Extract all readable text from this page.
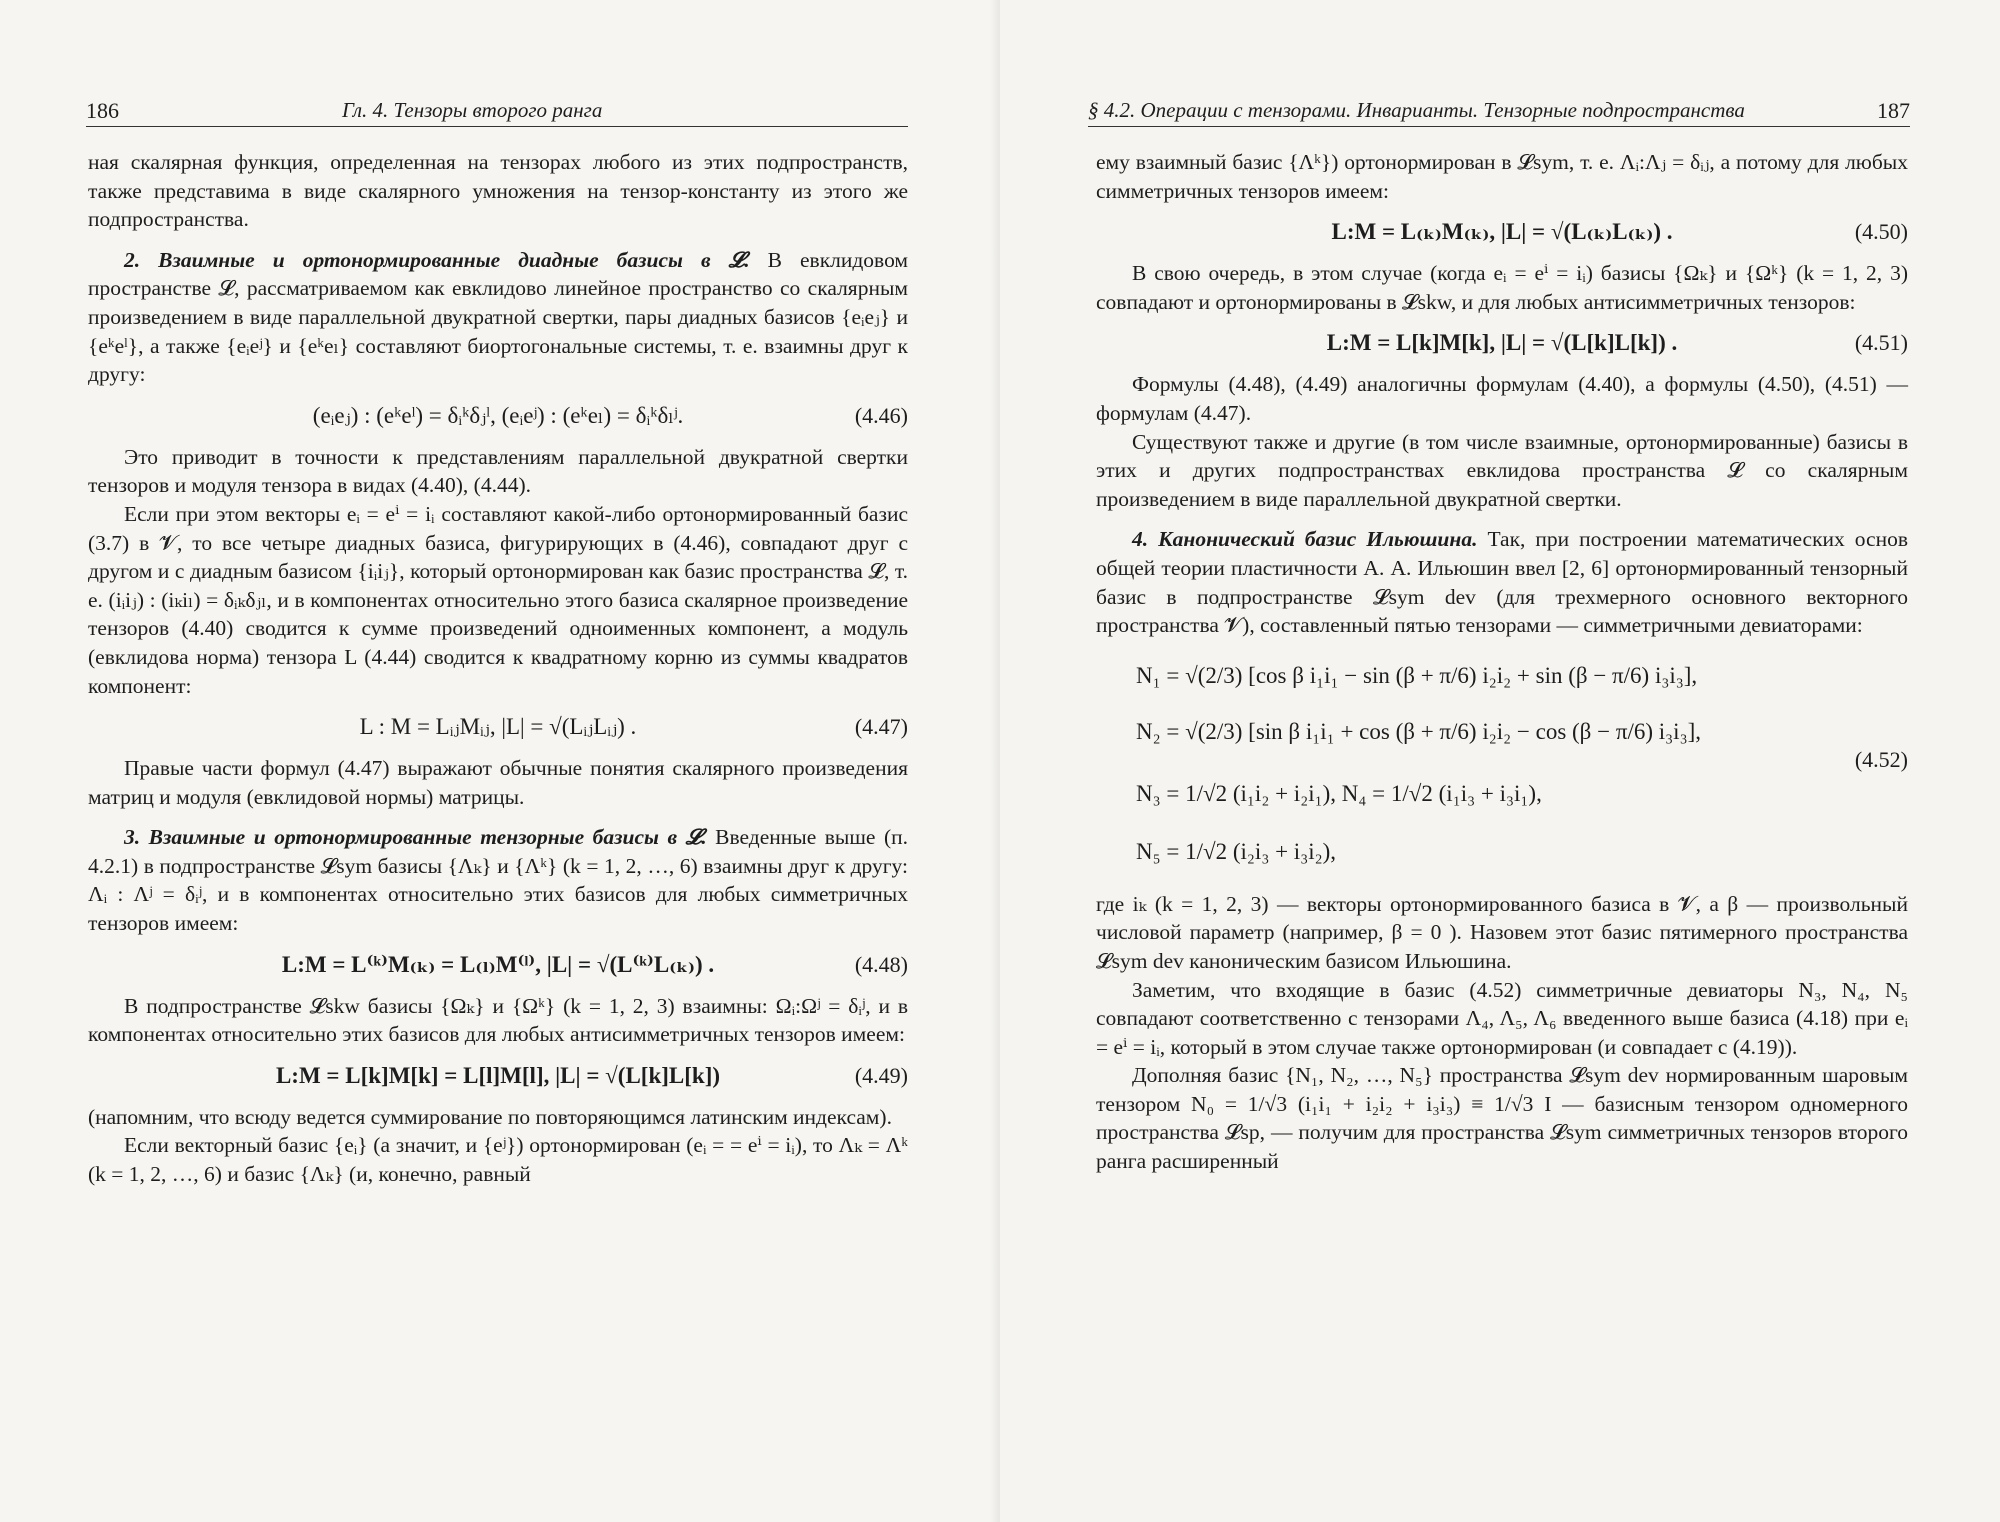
186	Гл. 4. Тензоры второго ранга

ная скалярная функция, определенная на тензорах любого из этих подпространств, также представима в виде скалярного умножения на тензор-константу из этого же подпространства.

2. Взаимные и ортонормированные диадные базисы в 𝓛. В евклидовом пространстве 𝓛, рассматриваемом как евклидово линейное пространство со скалярным произведением в виде параллельной двукратной свертки, пары диадных базисов {eᵢeⱼ} и {eᵏeˡ}, а также {eᵢeʲ} и {eᵏeₗ} составляют биортогональные системы, т. е. взаимны друг к другу:

(eᵢeⱼ) : (eᵏeˡ) = δᵢᵏδⱼˡ, (eᵢeʲ) : (eᵏeₗ) = δᵢᵏδₗʲ.	(4.46)

Это приводит в точности к представлениям параллельной двукратной свертки тензоров и модуля тензора в видах (4.40), (4.44).

Если при этом векторы eᵢ = eⁱ = iᵢ составляют какой-либо ортонормированный базис (3.7) в 𝓥, то все четыре диадных базиса, фигурирующих в (4.46), совпадают друг с другом и с диадным базисом {iᵢiⱼ}, который ортонормирован как базис пространства 𝓛, т. е. (iᵢiⱼ) : (iₖiₗ) = δᵢₖδⱼₗ, и в компонентах относительно этого базиса скалярное произведение тензоров (4.40) сводится к сумме произведений одноименных компонент, а модуль (евклидова норма) тензора L (4.44) сводится к квадратному корню из суммы квадратов компонент:

L : M = LᵢⱼMᵢⱼ, |L| = √(LᵢⱼLᵢⱼ) .	(4.47)

Правые части формул (4.47) выражают обычные понятия скалярного произведения матриц и модуля (евклидовой нормы) матрицы.

3. Взаимные и ортонормированные тензорные базисы в 𝓛. Введенные выше (п. 4.2.1) в подпространстве 𝓛sym базисы {Λₖ} и {Λᵏ} (k = 1, 2, …, 6) взаимны друг к другу: Λᵢ : Λʲ = δᵢʲ, и в компонентах относительно этих базисов для любых симметричных тензоров имеем:

L:M = L⁽ᵏ⁾M₍ₖ₎ = L₍ₗ₎M⁽ˡ⁾, |L| = √(L⁽ᵏ⁾L₍ₖ₎) .	(4.48)

В подпространстве 𝓛skw базисы {Ωₖ} и {Ωᵏ} (k = 1, 2, 3) взаимны: Ωᵢ:Ωʲ = δᵢʲ, и в компонентах относительно этих базисов для любых антисимметричных тензоров имеем:

L:M = L[k]M[k] = L[l]M[l], |L| = √(L[k]L[k])	(4.49)

(напомним, что всюду ведется суммирование по повторяющимся латинским индексам).

Если векторный базис {eᵢ} (а значит, и {eʲ}) ортонормирован (eᵢ = = eⁱ = iᵢ), то Λₖ = Λᵏ (k = 1, 2, …, 6) и базис {Λₖ} (и, конечно, равный

§ 4.2. Операции с тензорами. Инварианты. Тензорные подпространства	187

ему взаимный базис {Λᵏ}) ортонормирован в 𝓛sym, т. е. Λᵢ:Λⱼ = δᵢⱼ, а потому для любых симметричных тензоров имеем:

L:M = L₍ₖ₎M₍ₖ₎, |L| = √(L₍ₖ₎L₍ₖ₎) .	(4.50)

В свою очередь, в этом случае (когда eᵢ = eⁱ = iᵢ) базисы {Ωₖ} и {Ωᵏ} (k = 1, 2, 3) совпадают и ортонормированы в 𝓛skw, и для любых антисимметричных тензоров:

L:M = L[k]M[k], |L| = √(L[k]L[k]) .	(4.51)

Формулы (4.48), (4.49) аналогичны формулам (4.40), а формулы (4.50), (4.51) — формулам (4.47).

Существуют также и другие (в том числе взаимные, ортонормированные) базисы в этих и других подпространствах евклидова пространства 𝓛 со скалярным произведением в виде параллельной двукратной свертки.

4. Канонический базис Ильюшина. Так, при построении математических основ общей теории пластичности А. А. Ильюшин ввел [2, 6] ортонормированный тензорный базис в подпространстве 𝓛sym dev (для трехмерного основного векторного пространства 𝓥), составленный пятью тензорами — симметричными девиаторами:

N₁ = √(2/3) [cos β i₁i₁ − sin (β + π/6) i₂i₂ + sin (β − π/6) i₃i₃],
N₂ = √(2/3) [sin β i₁i₁ + cos (β + π/6) i₂i₂ − cos (β − π/6) i₃i₃],
N₃ = 1/√2 (i₁i₂ + i₂i₁), N₄ = 1/√2 (i₁i₃ + i₃i₁),
N₅ = 1/√2 (i₂i₃ + i₃i₂),
(4.52)

где iₖ (k = 1, 2, 3) — векторы ортонормированного базиса в 𝓥, а β — произвольный числовой параметр (например, β = 0 ). Назовем этот базис пятимерного пространства 𝓛sym dev каноническим базисом Ильюшина.

Заметим, что входящие в базис (4.52) симметричные девиаторы N₃, N₄, N₅ совпадают соответственно с тензорами Λ₄, Λ₅, Λ₆ введенного выше базиса (4.18) при eᵢ = eⁱ = iᵢ, который в этом случае также ортонормирован (и совпадает с (4.19)).

Дополняя базис {N₁, N₂, …, N₅} пространства 𝓛sym dev нормированным шаровым тензором N₀ = 1/√3 (i₁i₁ + i₂i₂ + i₃i₃) ≡ 1/√3 I — базисным тензором одномерного пространства 𝓛sp, — получим для пространства 𝓛sym симметричных тензоров второго ранга расширенный
